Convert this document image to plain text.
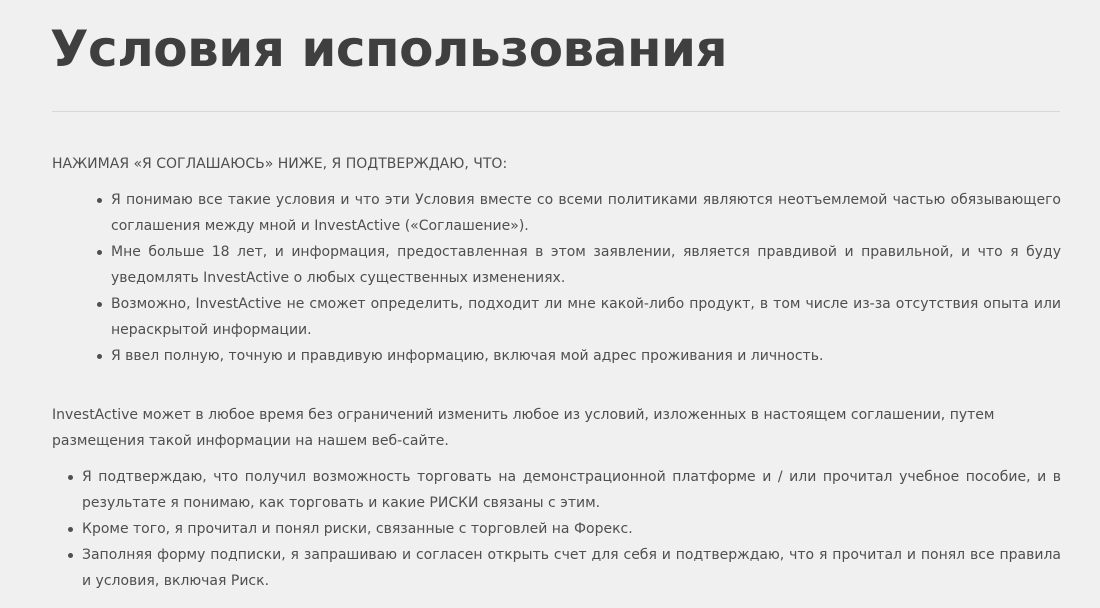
Условия использования

НАЖИМАЯ «Я СОГЛАШАЮСЬ» НИЖЕ, Я ПОДТВЕРЖДАЮ, ЧТО:

Я понимаю все такие условия и что эти Условия вместе со всеми политиками являются неотъемлемой частью обязывающего соглашения между мной и InvestActive («Соглашение»).
Мне больше 18 лет, и информация, предоставленная в этом заявлении, является правдивой и правильной, и что я буду уведомлять InvestActive о любых существенных изменениях.
Возможно, InvestActive не сможет определить, подходит ли мне какой-либо продукт, в том числе из-за отсутствия опыта или нераскрытой информации.
Я ввел полную, точную и правдивую информацию, включая мой адрес проживания и личность.

InvestActive может в любое время без ограничений изменить любое из условий, изложенных в настоящем соглашении, путем размещения такой информации на нашем веб-сайте.

Я подтверждаю, что получил возможность торговать на демонстрационной платформе и / или прочитал учебное пособие, и в результате я понимаю, как торговать и какие РИСКИ связаны с этим.
Кроме того, я прочитал и понял риски, связанные с торговлей на Форекс.
Заполняя форму подписки, я запрашиваю и согласен открыть счет для себя и подтверждаю, что я прочитал и понял все правила и условия, включая Риск.
